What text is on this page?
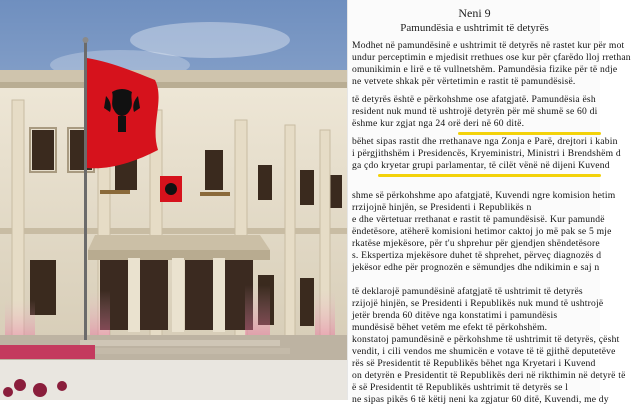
Neni 9
Pamundësia e ushtrimit të detyrës
Modhet në pamundësinë e ushtrimit të detyrës në rastet kur për mot
undur perceptimin e mjedisit rrethues ose kur për çfarëdo lloj rrethan
omunikimin e lirë e të vullnetshëm. Pamundësia fizike për të ndje
ne vetvete shkak për vërtetimin e rastit të pamundësisë.
të detyrës është e përkohshme ose afatgjatë. Pamundësia ësh
resident nuk mund të ushtrojë detyrën për më shumë se 60 di
ëshme kur zgjat nga 24 orë deri në 60 ditë.
bëhet sipas rastit dhe rrethanave nga Zonja e Parë, drejtori i kabin
i përgjithshëm i Presidencës, Kryeministri, Ministri i Brendshëm d
ga çdo kryetar grupi parlamentar, të cilët vënë në dijeni Kuvend
shme së përkohshme apo afatgjatë, Kuvendi ngre komision hetim
rrzijojnë hinjën, se Presidenti i Republikës n
e dhe vërtetuar rrethanat e rastit të pamundësisë. Kur pamundë
ëndetësore, atëherë komisioni hetimor caktoj jo më pak se 5 mje
rkatëse mjekësore, për t'u shprehur për gjendjen shëndetësore
s. Ekspertiza mjekësore duhet të shprehet, përveç diagnozës d
jekësor edhe për prognozën e sëmundjes dhe ndikimin e saj n
të deklarojë pamundësinë afatgjatë të ushtrimit të detyrës
rzijojë hinjën, se Presidenti i Republikës nuk mund të ushtrojë
jetër brenda 60 ditëve nga konstatimi i pamundësis
mundësisë bëhet vetëm me efekt të përkohshëm.
konstatoj pamundësinë e përkohshme të ushtrimit të detyrës, çësht
vendit, i cili vendos me shumicën e votave të të gjithë deputetëve
rës së Presidentit të Republikës bëhet nga Kryetari i Kuvend
on detyrën e Presidentit të Republikës deri në rikthimin në detyrë të
ë së Presidentit të Republikës ushtrimit të detyrës se l
ne sipas pikës 6 të këtij neni ka zgjatur 60 ditë, Kuvendi, me dy
